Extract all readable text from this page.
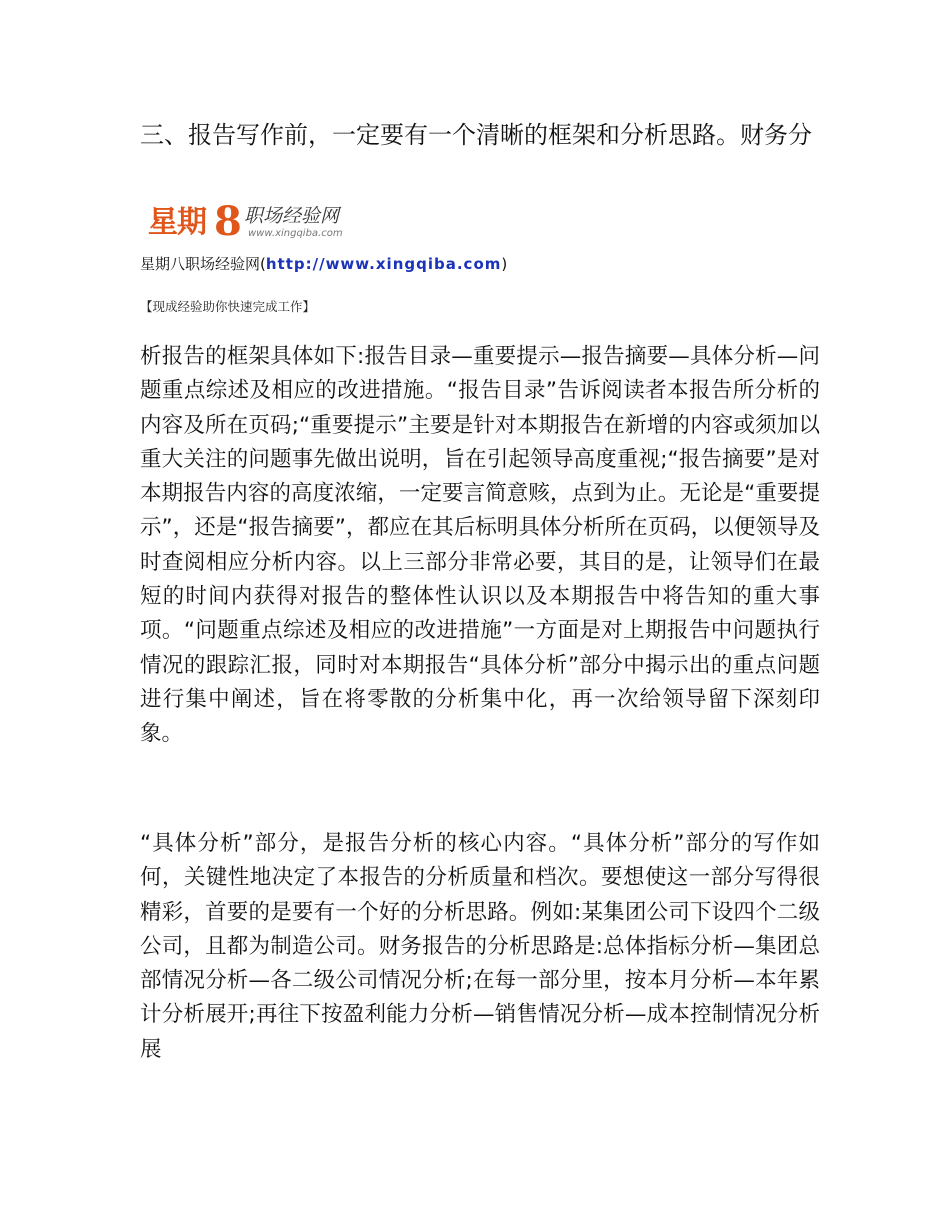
三、报告写作前，一定要有一个清晰的框架和分析思路。财务分
星期 8 职场经验网
www.xingqiba.com
星期八职场经验网(http://www.xingqiba.com)
【现成经验助你快速完成工作】

析报告的框架具体如下:报告目录—重要提示—报告摘要—具体分析—问题重点综述及相应的改进措施。“报告目录”告诉阅读者本报告所分析的内容及所在页码;“重要提示”主要是针对本期报告在新增的内容或须加以重大关注的问题事先做出说明，旨在引起领导高度重视;“报告摘要”是对本期报告内容的高度浓缩，一定要言简意赅，点到为止。无论是“重要提示”，还是“报告摘要”，都应在其后标明具体分析所在页码，以便领导及时查阅相应分析内容。以上三部分非常必要，其目的是，让领导们在最短的时间内获得对报告的整体性认识以及本期报告中将告知的重大事项。“问题重点综述及相应的改进措施”一方面是对上期报告中问题执行情况的跟踪汇报，同时对本期报告“具体分析”部分中揭示出的重点问题进行集中阐述，旨在将零散的分析集中化，再一次给领导留下深刻印象。

“具体分析”部分，是报告分析的核心内容。“具体分析”部分的写作如何，关键性地决定了本报告的分析质量和档次。要想使这一部分写得很精彩，首要的是要有一个好的分析思路。例如:某集团公司下设四个二级公司，且都为制造公司。财务报告的分析思路是:总体指标分析—集团总部情况分析—各二级公司情况分析;在每一部分里，按本月分析—本年累计分析展开;再往下按盈利能力分析—销售情况分析—成本控制情况分析展
